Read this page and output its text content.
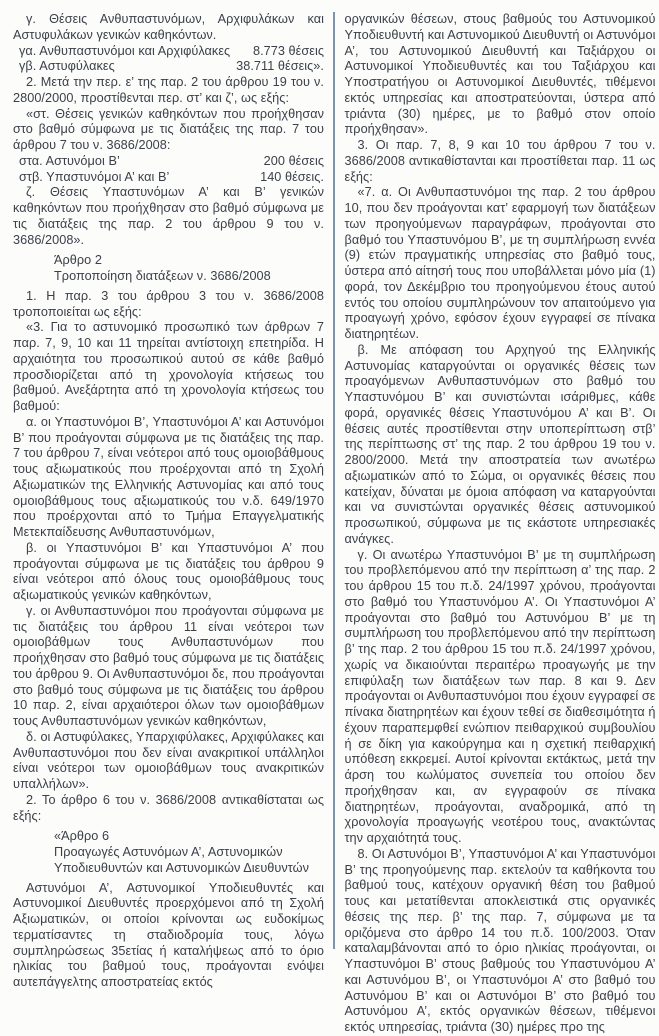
γ. Θέσεις Ανθυπαστυνόμων, Αρχιφυλάκων και Αστυφυλάκων γενικών καθηκόντων.

γα. Ανθυπαστυνόμοι και Αρχιφύλακες	8.773 θέσεις
γβ. Αστυφύλακες	38.711 θέσεις».

2. Μετά την περ. ε’ της παρ. 2 του άρθρου 19 του ν. 2800/2000, προστίθενται περ. στ’ και ζ’, ως εξής:

«στ. Θέσεις γενικών καθηκόντων που προήχθησαν στο βαθμό σύμφωνα με τις διατάξεις της παρ. 7 του άρθρου 7 του ν. 3686/2008:

στα. Αστυνόμοι Β’	200 θέσεις
στβ. Υπαστυνόμοι Α’ και Β’	140 θέσεις.

ζ. Θέσεις Υπαστυνόμων Α’ και Β’ γενικών καθηκόντων που προήχθησαν στο βαθμό σύμφωνα με τις διατάξεις της παρ. 2 του άρθρου 9 του ν. 3686/2008».

Άρθρο 2
Τροποποίηση διατάξεων ν. 3686/2008

1. Η παρ. 3 του άρθρου 3 του ν. 3686/2008 τροποποιείται ως εξής:

«3. Για το αστυνομικό προσωπικό των άρθρων 7 παρ. 7, 9, 10 και 11 τηρείται αντίστοιχη επετηρίδα. Η αρχαιότητα του προσωπικού αυτού σε κάθε βαθμό προσδιορίζεται από τη χρονολογία κτήσεως του βαθμού. Ανεξάρτητα από τη χρονολογία κτήσεως του βαθμού:

α. οι Υπαστυνόμοι Β’, Υπαστυνόμοι Α’ και Αστυνόμοι Β’ που προάγονται σύμφωνα με τις διατάξεις της παρ. 7 του άρθρου 7, είναι νεότεροι από τους ομοιοβάθμους τους αξιωματικούς που προέρχονται από τη Σχολή Αξιωματικών της Ελληνικής Αστυνομίας και από τους ομοιοβάθμους τους αξιωματικούς του ν.δ. 649/1970 που προέρχονται από το Τμήμα Επαγγελματικής Μετεκπαίδευσης Ανθυπαστυνόμων,

β. οι Υπαστυνόμοι Β’ και Υπαστυνόμοι Α’ που προάγονται σύμφωνα με τις διατάξεις του άρθρου 9 είναι νεότεροι από όλους τους ομοιοβάθμους τους αξιωματικούς γενικών καθηκόντων,

γ. οι Ανθυπαστυνόμοι που προάγονται σύμφωνα με τις διατάξεις του άρθρου 11 είναι νεότεροι των ομοιοβάθμων τους Ανθυπαστυνόμων που προήχθησαν στο βαθμό τους σύμφωνα με τις διατάξεις του άρθρου 9. Οι Ανθυπαστυνόμοι δε, που προάγονται στο βαθμό τους σύμφωνα με τις διατάξεις του άρθρου 10 παρ. 2, είναι αρχαιότεροι όλων των ομοιοβάθμων τους Ανθυπαστυνόμων γενικών καθηκόντων,

δ. οι Αστυφύλακες, Υπαρχιφύλακες, Αρχιφύλακες και Ανθυπαστυνόμοι που δεν είναι ανακριτικοί υπάλληλοι είναι νεότεροι των ομοιοβάθμων τους ανακριτικών υπαλλήλων».

2. Το άρθρο 6 του ν. 3686/2008 αντικαθίσταται ως εξής:

«Άρθρο 6
Προαγωγές Αστυνόμων Α’, Αστυνομικών
Υποδιευθυντών και Αστυνομικών Διευθυντών

Αστυνόμοι Α’, Αστυνομικοί Υποδιευθυντές και Αστυνομικοί Διευθυντές προερχόμενοι από τη Σχολή Αξιωματικών, οι οποίοι κρίνονται ως ευδοκίμως τερματίσαντες τη σταδιοδρομία τους, λόγω συμπληρώσεως 35ετίας ή καταλήψεως από το όριο ηλικίας του βαθμού τους, προάγονται ενόψει αυτεπάγγελτης αποστρατείας εκτός

οργανικών θέσεων, στους βαθμούς του Αστυνομικού Υποδιευθυντή και Αστυνομικού Διευθυντή οι Αστυνόμοι Α’, του Αστυνομικού Διευθυντή και Ταξιάρχου οι Αστυνομικοί Υποδιευθυντές και του Ταξιάρχου και Υποστρατήγου οι Αστυνομικοί Διευθυντές, τιθέμενοι εκτός υπηρεσίας και αποστρατεύονται, ύστερα από τριάντα (30) ημέρες, με το βαθμό στον οποίο προήχθησαν».

3. Οι παρ. 7, 8, 9 και 10 του άρθρου 7 του ν. 3686/2008 αντικαθίστανται και προστίθεται παρ. 11 ως εξής:

«7. α. Οι Ανθυπαστυνόμοι της παρ. 2 του άρθρου 10, που δεν προάγονται κατ’ εφαρμογή των διατάξεων των προηγούμενων παραγράφων, προάγονται στο βαθμό του Υπαστυνόμου Β’, με τη συμπλήρωση εννέα (9) ετών πραγματικής υπηρεσίας στο βαθμό τους, ύστερα από αίτησή τους που υποβάλλεται μόνο μία (1) φορά, τον Δεκέμβριο του προηγούμενου έτους αυτού εντός του οποίου συμπληρώνουν τον απαιτούμενο για προαγωγή χρόνο, εφόσον έχουν εγγραφεί σε πίνακα διατηρητέων.

β. Με απόφαση του Αρχηγού της Ελληνικής Αστυνομίας καταργούνται οι οργανικές θέσεις των προαγόμενων Ανθυπαστυνόμων στο βαθμό του Υπαστυνόμου Β’ και συνιστώνται ισάριθμες, κάθε φορά, οργανικές θέσεις Υπαστυνόμου Α’ και Β’. Οι θέσεις αυτές προστίθενται στην υποπερίπτωση στβ’ της περίπτωσης στ’ της παρ. 2 του άρθρου 19 του ν. 2800/2000. Μετά την αποστρατεία των ανωτέρω αξιωματικών από το Σώμα, οι οργανικές θέσεις που κατείχαν, δύναται με όμοια απόφαση να καταργούνται και να συνιστώνται οργανικές θέσεις αστυνομικού προσωπικού, σύμφωνα με τις εκάστοτε υπηρεσιακές ανάγκες.

γ. Οι ανωτέρω Υπαστυνόμοι Β’ με τη συμπλήρωση του προβλεπόμενου από την περίπτωση α’ της παρ. 2 του άρθρου 15 του π.δ. 24/1997 χρόνου, προάγονται στο βαθμό του Υπαστυνόμου Α’. Οι Υπαστυνόμοι Α’ προάγονται στο βαθμό του Αστυνόμου Β’ με τη συμπλήρωση του προβλεπόμενου από την περίπτωση β’ της παρ. 2 του άρθρου 15 του π.δ. 24/1997 χρόνου, χωρίς να δικαιούνται περαιτέρω προαγωγής με την επιφύλαξη των διατάξεων των παρ. 8 και 9. Δεν προάγονται οι Ανθυπαστυνόμοι που έχουν εγγραφεί σε πίνακα διατηρητέων και έχουν τεθεί σε διαθεσιμότητα ή έχουν παραπεμφθεί ενώπιον πειθαρχικού συμβουλίου ή σε δίκη για κακούργημα και η σχετική πειθαρχική υπόθεση εκκρεμεί. Αυτοί κρίνονται εκτάκτως, μετά την άρση του κωλύματος συνεπεία του οποίου δεν προήχθησαν και, αν εγγραφούν σε πίνακα διατηρητέων, προάγονται, αναδρομικά, από τη χρονολογία προαγωγής νεοτέρου τους, ανακτώντας την αρχαιότητά τους.

8. Οι Αστυνόμοι Β’, Υπαστυνόμοι Α’ και Υπαστυνόμοι Β’ της προηγούμενης παρ. εκτελούν τα καθήκοντα του βαθμού τους, κατέχουν οργανική θέση του βαθμού τους και μετατίθενται αποκλειστικά στις οργανικές θέσεις της περ. β’ της παρ. 7, σύμφωνα με τα οριζόμενα στο άρθρο 14 του π.δ. 100/2003. Όταν καταλαμβάνονται από το όριο ηλικίας προάγονται, οι Υπαστυνόμοι Β’ στους βαθμούς του Υπαστυνόμου Α’ και Αστυνόμου Β’, οι Υπαστυνόμοι Α’ στο βαθμό του Αστυνόμου Β’ και οι Αστυνόμοι Β’ στο βαθμό του Αστυνόμου Α’, εκτός οργανικών θέσεων, τιθέμενοι εκτός υπηρεσίας, τριάντα (30) ημέρες προ της
